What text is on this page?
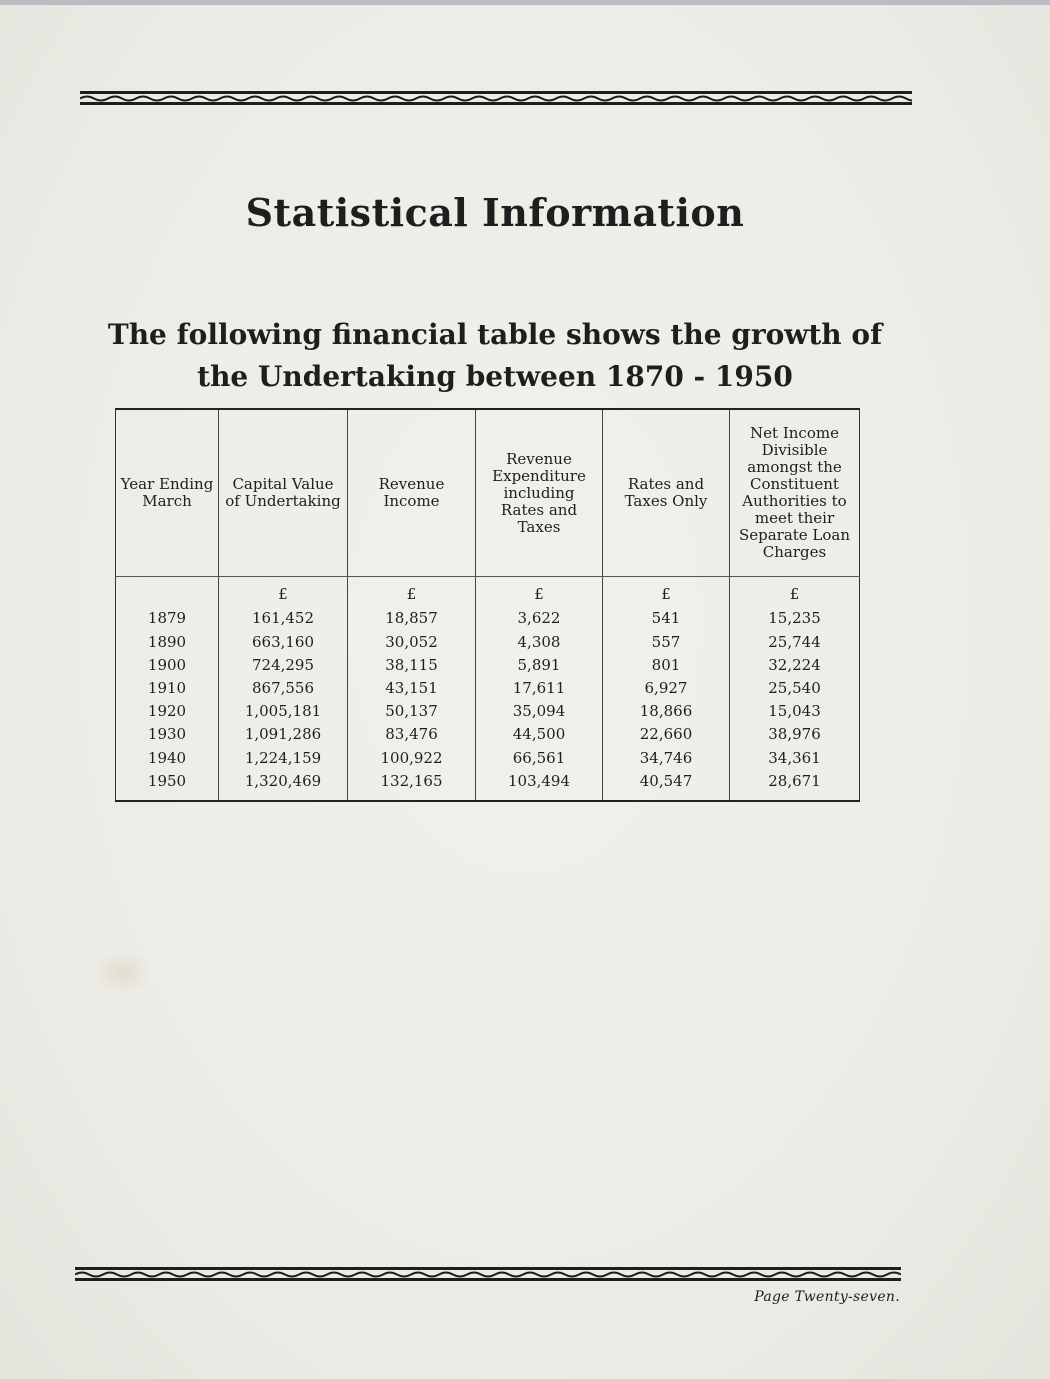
Statistical Information
The following financial table shows the growth of
the Undertaking between 1870 - 1950
Year Ending March	Capital Value of Undertaking	Revenue Income	Revenue Expenditure including Rates and Taxes	Rates and Taxes Only	Net Income Divisible amongst the Constituent Authorities to meet their Separate Loan Charges
	£	£	£	£	£
1879	161,452	18,857	3,622	541	15,235
1890	663,160	30,052	4,308	557	25,744
1900	724,295	38,115	5,891	801	32,224
1910	867,556	43,151	17,611	6,927	25,540
1920	1,005,181	50,137	35,094	18,866	15,043
1930	1,091,286	83,476	44,500	22,660	38,976
1940	1,224,159	100,922	66,561	34,746	34,361
1950	1,320,469	132,165	103,494	40,547	28,671
Page Twenty-seven.
